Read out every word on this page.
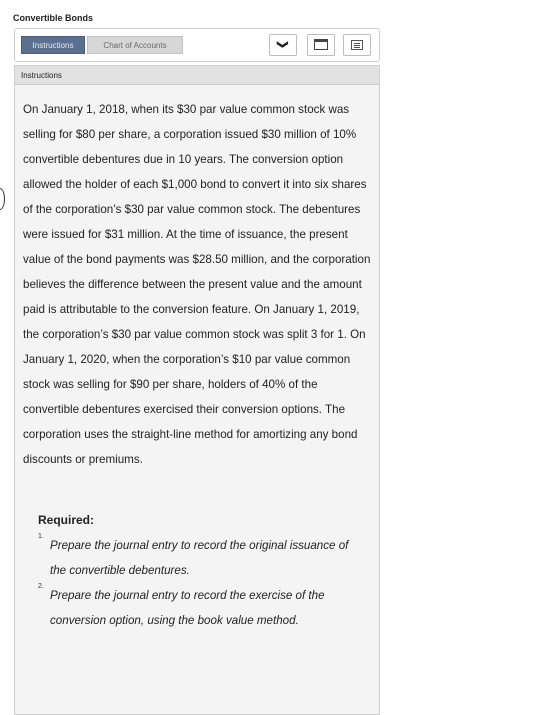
Convertible Bonds
Instructions	Chart of Accounts	❯
Instructions

On January 1, 2018, when its $30 par value common stock was selling for $80 per share, a corporation issued $30 million of 10% convertible debentures due in 10 years. The conversion option allowed the holder of each $1,000 bond to convert it into six shares of the corporation’s $30 par value common stock. The debentures were issued for $31 million. At the time of issuance, the present value of the bond payments was $28.50 million, and the corporation believes the difference between the present value and the amount paid is attributable to the conversion feature. On January 1, 2019, the corporation’s $30 par value common stock was split 3 for 1. On January 1, 2020, when the corporation’s $10 par value common stock was selling for $90 per share, holders of 40% of the convertible debentures exercised their conversion options. The corporation uses the straight-line method for amortizing any bond discounts or premiums.

Required:
1.

Prepare the journal entry to record the original issuance of the convertible debentures.

2.

Prepare the journal entry to record the exercise of the conversion option, using the book value method.
